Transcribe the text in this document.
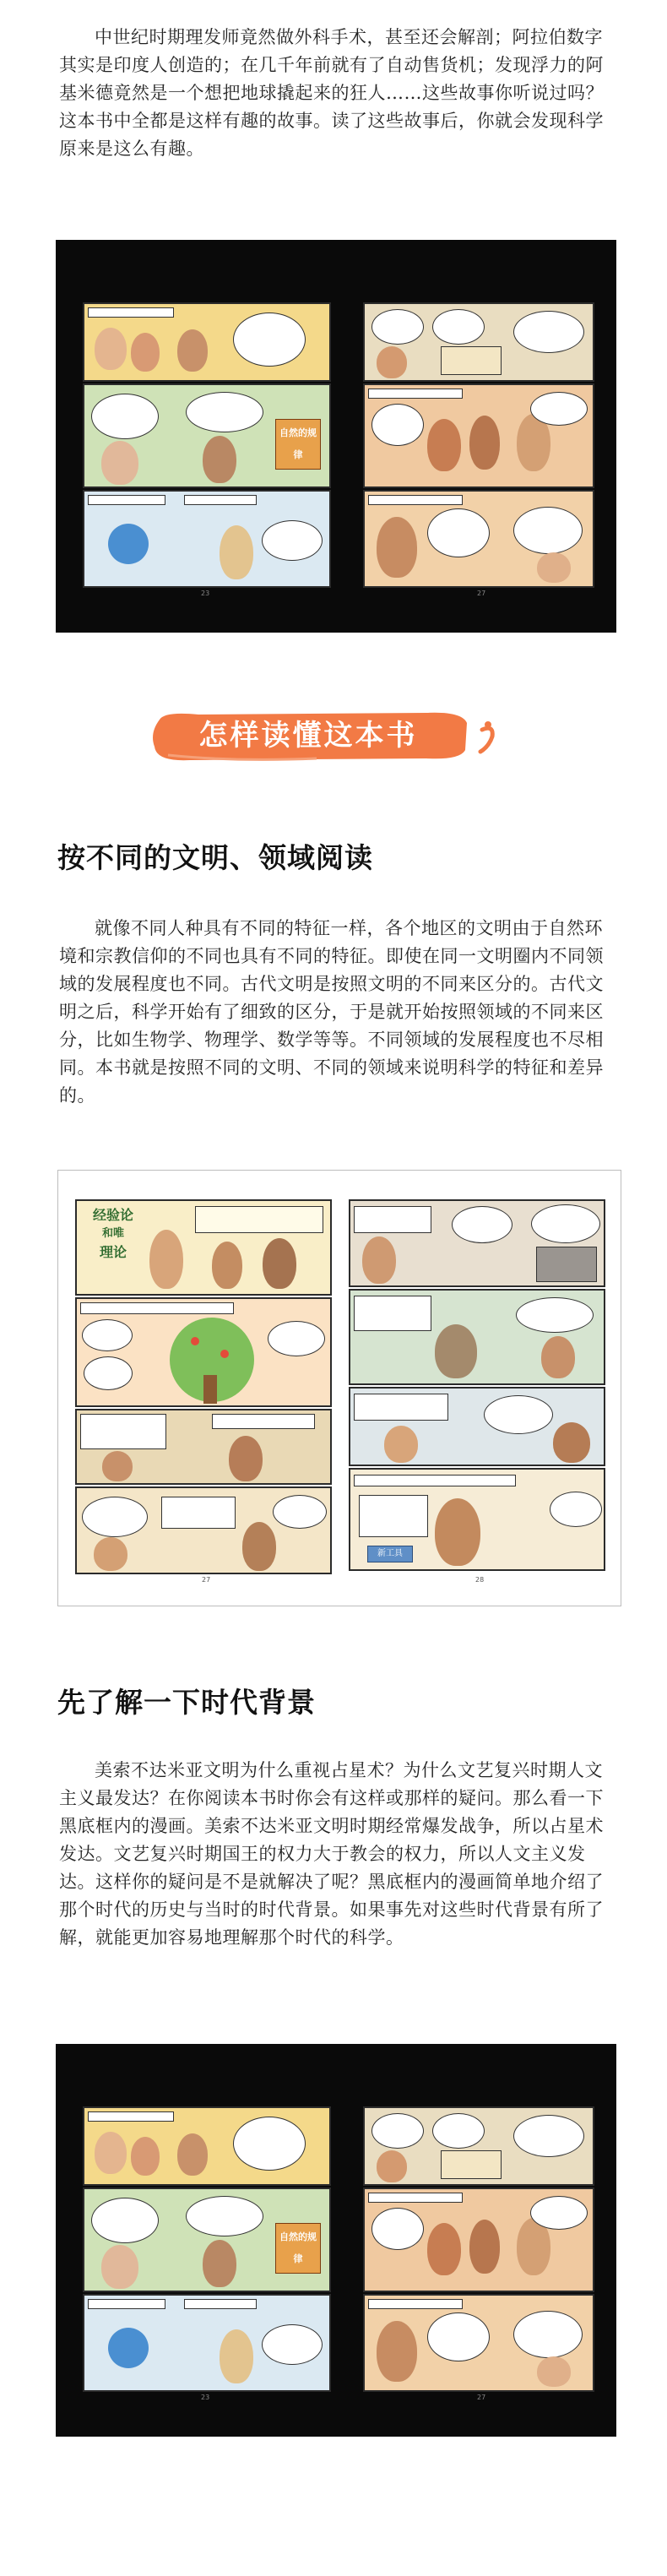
中世纪时期理发师竟然做外科手术，甚至还会解剖；阿拉伯数字其实是印度人创造的；在几千年前就有了自动售货机；发现浮力的阿基米德竟然是一个想把地球撬起来的狂人……这些故事你听说过吗？这本书中全都是这样有趣的故事。读了这些故事后，你就会发现科学原来是这么有趣。

自然的规律
23	27
怎样读懂这本书
按不同的文明、领域阅读

就像不同人种具有不同的特征一样，各个地区的文明由于自然环境和宗教信仰的不同也具有不同的特征。即使在同一文明圈内不同领域的发展程度也不同。古代文明是按照文明的不同来区分的。古代文明之后，科学开始有了细致的区分，于是就开始按照领域的不同来区分，比如生物学、物理学、数学等等。不同领域的发展程度也不尽相同。本书就是按照不同的文明、不同的领域来说明科学的特征和差异的。

经验论
和唯
理论
27
新工具
28
先了解一下时代背景

美索不达米亚文明为什么重视占星术？为什么文艺复兴时期人文主义最发达？在你阅读本书时你会有这样或那样的疑问。那么看一下黑底框内的漫画。美索不达米亚文明时期经常爆发战争，所以占星术发达。文艺复兴时期国王的权力大于教会的权力，所以人文主义发达。这样你的疑问是不是就解决了呢？黑底框内的漫画简单地介绍了那个时代的历史与当时的时代背景。如果事先对这些时代背景有所了解，就能更加容易地理解那个时代的科学。

自然的规律
23	27
